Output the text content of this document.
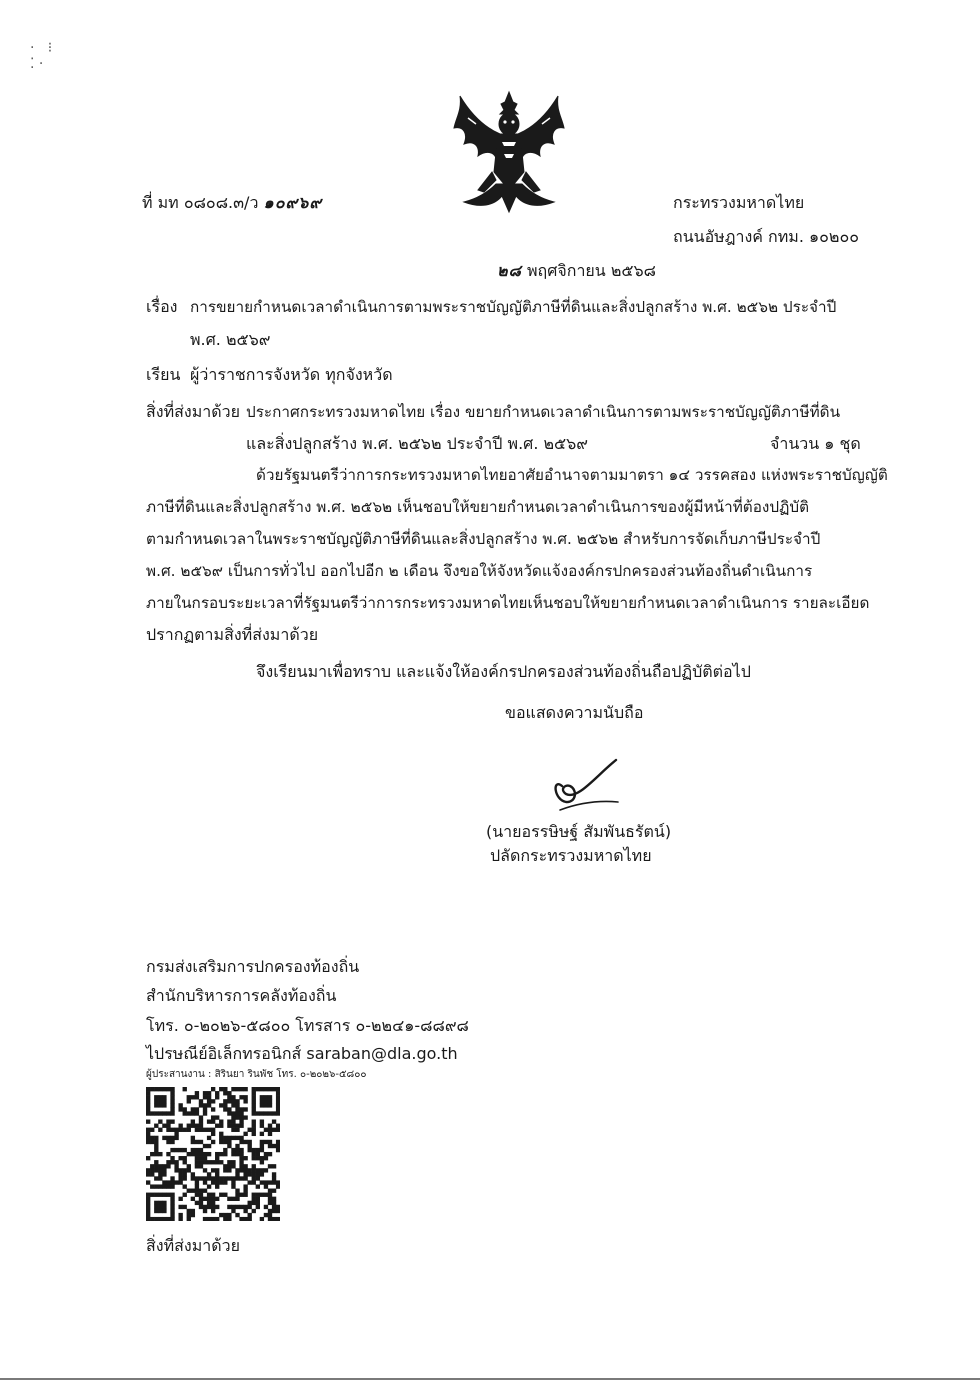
·   ⁝
⁚ ·
ที่ มท ๐๘๐๘.๓/ว ๑๐๙๖๙	กระทรวงมหาดไทย
ถนนอัษฎางค์ กทม. ๑๐๒๐๐
๒๘ พฤศจิกายน ๒๕๖๘
เรื่อง การขยายกำหนดเวลาดำเนินการตามพระราชบัญญัติภาษีที่ดินและสิ่งปลูกสร้าง พ.ศ. ๒๕๖๒ ประจำปี
พ.ศ. ๒๕๖๙
เรียน ผู้ว่าราชการจังหวัด ทุกจังหวัด
สิ่งที่ส่งมาด้วย ประกาศกระทรวงมหาดไทย เรื่อง ขยายกำหนดเวลาดำเนินการตามพระราชบัญญัติภาษีที่ดิน
และสิ่งปลูกสร้าง พ.ศ. ๒๕๖๒ ประจำปี พ.ศ. ๒๕๖๙	จำนวน ๑ ชุด
ด้วยรัฐมนตรีว่าการกระทรวงมหาดไทยอาศัยอำนาจตามมาตรา ๑๔ วรรคสอง แห่งพระราชบัญญัติ
ภาษีที่ดินและสิ่งปลูกสร้าง พ.ศ. ๒๕๖๒ เห็นชอบให้ขยายกำหนดเวลาดำเนินการของผู้มีหน้าที่ต้องปฏิบัติ
ตามกำหนดเวลาในพระราชบัญญัติภาษีที่ดินและสิ่งปลูกสร้าง พ.ศ. ๒๕๖๒ สำหรับการจัดเก็บภาษีประจำปี
พ.ศ. ๒๕๖๙ เป็นการทั่วไป ออกไปอีก ๒ เดือน จึงขอให้จังหวัดแจ้งองค์กรปกครองส่วนท้องถิ่นดำเนินการ
ภายในกรอบระยะเวลาที่รัฐมนตรีว่าการกระทรวงมหาดไทยเห็นชอบให้ขยายกำหนดเวลาดำเนินการ รายละเอียด
ปรากฏตามสิ่งที่ส่งมาด้วย
จึงเรียนมาเพื่อทราบ และแจ้งให้องค์กรปกครองส่วนท้องถิ่นถือปฏิบัติต่อไป
ขอแสดงความนับถือ
(นายอรรษิษฐ์ สัมพันธรัตน์)
ปลัดกระทรวงมหาดไทย
กรมส่งเสริมการปกครองท้องถิ่น
สำนักบริหารการคลังท้องถิ่น
โทร. ๐-๒๐๒๖-๕๘๐๐ โทรสาร ๐-๒๒๔๑-๘๘๙๘
ไปรษณีย์อิเล็กทรอนิกส์ saraban@dla.go.th
ผู้ประสานงาน : สิรินยา รินพัช โทร. ๐-๒๐๒๖-๕๘๐๐
สิ่งที่ส่งมาด้วย
